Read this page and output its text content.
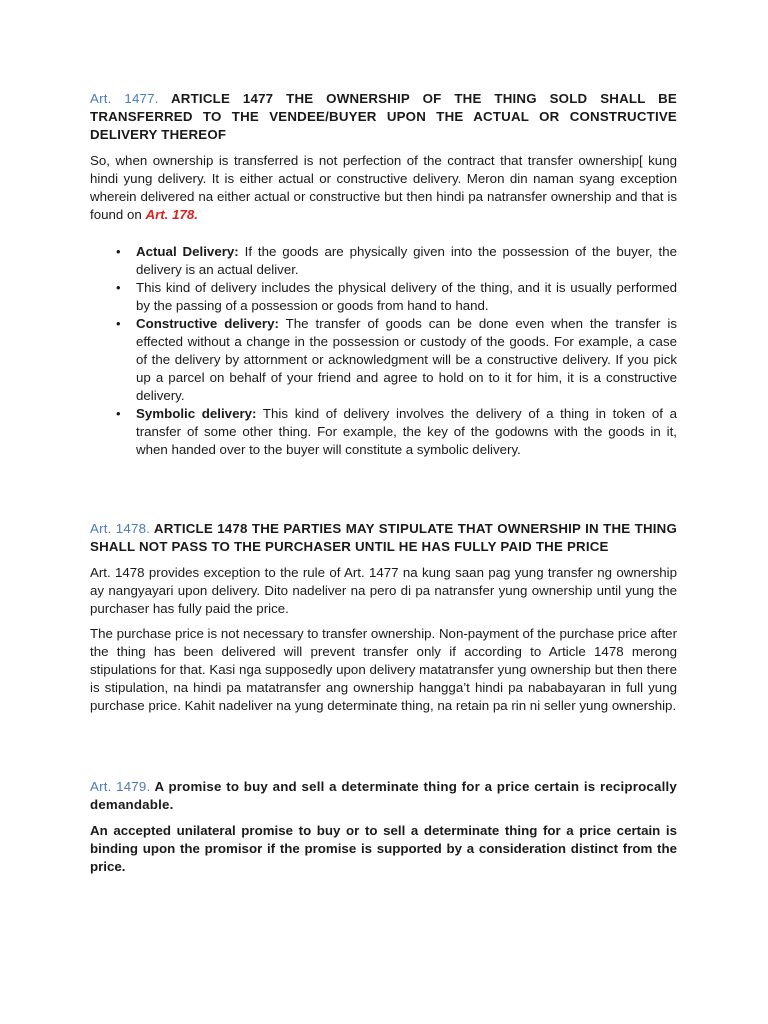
Art. 1477. ARTICLE 1477 THE OWNERSHIP OF THE THING SOLD SHALL BE TRANSFERRED TO THE VENDEE/BUYER UPON THE ACTUAL OR CONSTRUCTIVE DELIVERY THEREOF

So, when ownership is transferred is not perfection of the contract that transfer ownership[ kung hindi yung delivery. It is either actual or constructive delivery. Meron din naman syang exception wherein delivered na either actual or constructive but then hindi pa natransfer ownership and that is found on Art. 178.

• Actual Delivery: If the goods are physically given into the possession of the buyer, the delivery is an actual deliver.
• This kind of delivery includes the physical delivery of the thing, and it is usually performed by the passing of a possession or goods from hand to hand.
• Constructive delivery: The transfer of goods can be done even when the transfer is effected without a change in the possession or custody of the goods. For example, a case of the delivery by attornment or acknowledgment will be a constructive delivery. If you pick up a parcel on behalf of your friend and agree to hold on to it for him, it is a constructive delivery.
• Symbolic delivery: This kind of delivery involves the delivery of a thing in token of a transfer of some other thing. For example, the key of the godowns with the goods in it, when handed over to the buyer will constitute a symbolic delivery.

Art. 1478. ARTICLE 1478 THE PARTIES MAY STIPULATE THAT OWNERSHIP IN THE THING SHALL NOT PASS TO THE PURCHASER UNTIL HE HAS FULLY PAID THE PRICE

Art. 1478 provides exception to the rule of Art. 1477 na kung saan pag yung transfer ng ownership ay nangyayari upon delivery. Dito nadeliver na pero di pa natransfer yung ownership until yung the purchaser has fully paid the price.

The purchase price is not necessary to transfer ownership. Non-payment of the purchase price after the thing has been delivered will prevent transfer only if according to Article 1478 merong stipulations for that. Kasi nga supposedly upon delivery matatransfer yung ownership but then there is stipulation, na hindi pa matatransfer ang ownership hangga’t hindi pa nababayaran in full yung purchase price. Kahit nadeliver na yung determinate thing, na retain pa rin ni seller yung ownership.

Art. 1479. A promise to buy and sell a determinate thing for a price certain is reciprocally demandable.

An accepted unilateral promise to buy or to sell a determinate thing for a price certain is binding upon the promisor if the promise is supported by a consideration distinct from the price.
